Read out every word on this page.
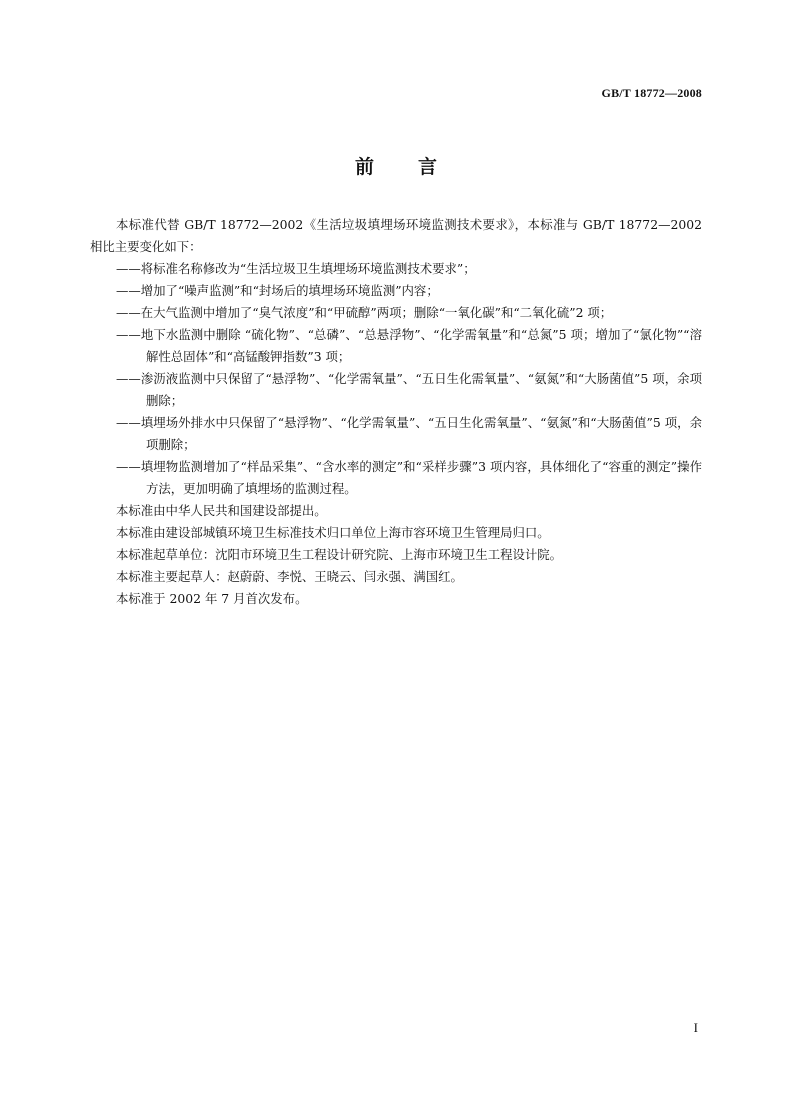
GB/T 18772—2008
前 言

本标准代替 GB/T 18772—2002《生活垃圾填埋场环境监测技术要求》，本标准与 GB/T 18772—2002 相比主要变化如下：

——将标准名称修改为“生活垃圾卫生填埋场环境监测技术要求”；

——增加了“噪声监测”和“封场后的填埋场环境监测”内容；

——在大气监测中增加了“臭气浓度”和“甲硫醇”两项；删除“一氧化碳”和“二氧化硫”2 项；

——地下水监测中删除 “硫化物”、“总磷”、“总悬浮物”、“化学需氧量”和“总氮”5 项；增加了“氯化物”“溶解性总固体”和“高锰酸钾指数”3 项；

——渗沥液监测中只保留了“悬浮物”、“化学需氧量”、“五日生化需氧量”、“氨氮”和“大肠菌值”5 项，余项删除；

——填埋场外排水中只保留了“悬浮物”、“化学需氧量”、“五日生化需氧量”、“氨氮”和“大肠菌值”5 项，余项删除；

——填埋物监测增加了“样品采集”、“含水率的测定”和“采样步骤”3 项内容，具体细化了“容重的测定”操作方法，更加明确了填埋场的监测过程。

本标准由中华人民共和国建设部提出。

本标准由建设部城镇环境卫生标准技术归口单位上海市容环境卫生管理局归口。

本标准起草单位：沈阳市环境卫生工程设计研究院、上海市环境卫生工程设计院。

本标准主要起草人：赵蔚蔚、李悦、王晓云、闫永强、满国红。

本标准于 2002 年 7 月首次发布。

I
